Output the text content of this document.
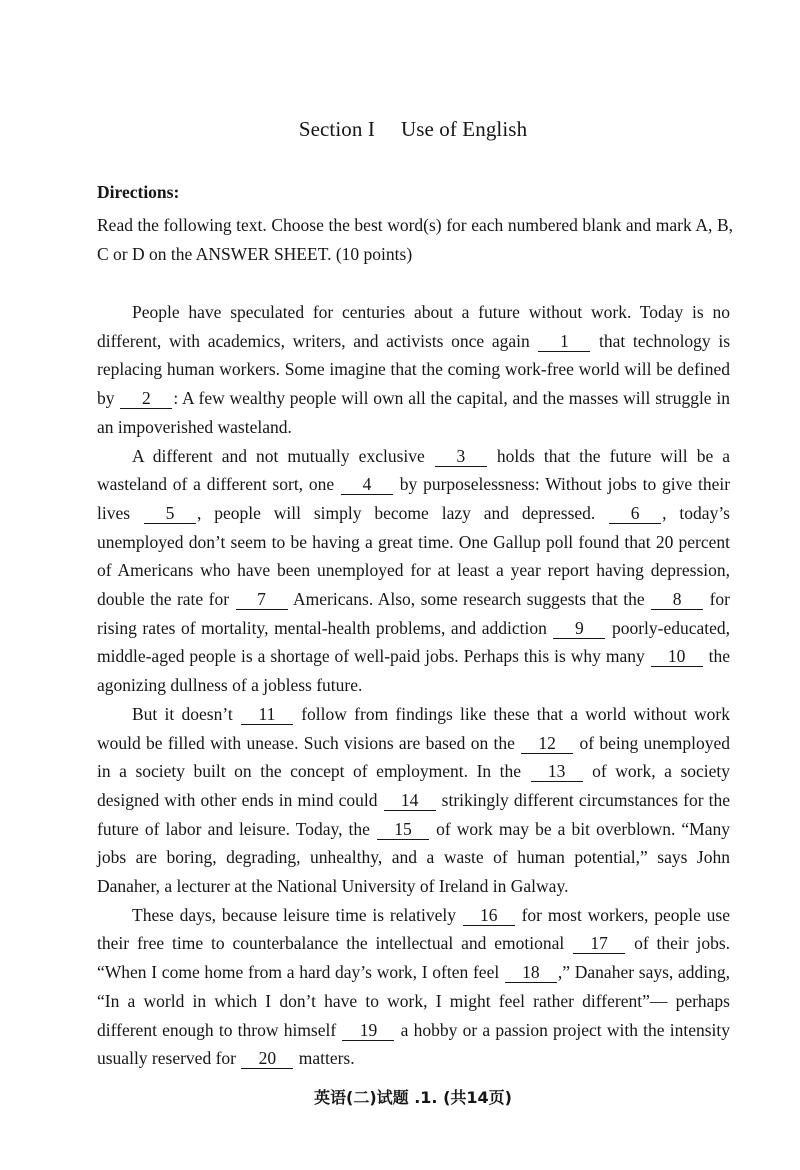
Section I Use of English
Directions:
Read the following text. Choose the best word(s) for each numbered blank and mark A, B, C or D on the ANSWER SHEET. (10 points)

People have speculated for centuries about a future without work. Today is no different, with academics, writers, and activists once again 1 that technology is replacing human workers. Some imagine that the coming work-free world will be defined by 2 : A few wealthy people will own all the capital, and the masses will struggle in an impoverished wasteland.

A different and not mutually exclusive 3 holds that the future will be a wasteland of a different sort, one 4 by purposelessness: Without jobs to give their lives 5 , people will simply become lazy and depressed. 6 , today’s unemployed don’t seem to be having a great time. One Gallup poll found that 20 percent of Americans who have been unemployed for at least a year report having depression, double the rate for 7 Americans. Also, some research suggests that the 8 for rising rates of mortality, mental-health problems, and addiction 9 poorly-educated, middle-aged people is a shortage of well-paid jobs. Perhaps this is why many 10 the agonizing dullness of a jobless future.

But it doesn’t 11 follow from findings like these that a world without work would be filled with unease. Such visions are based on the 12 of being unemployed in a society built on the concept of employment. In the 13 of work, a society designed with other ends in mind could 14 strikingly different circumstances for the future of labor and leisure. Today, the 15 of work may be a bit overblown. “Many jobs are boring, degrading, unhealthy, and a waste of human potential,” says John Danaher, a lecturer at the National University of Ireland in Galway.

These days, because leisure time is relatively 16 for most workers, people use their free time to counterbalance the intellectual and emotional 17 of their jobs. “When I come home from a hard day’s work, I often feel 18 ,” Danaher says, adding, “In a world in which I don’t have to work, I might feel rather different”— perhaps different enough to throw himself 19 a hobby or a passion project with the intensity usually reserved for 20 matters.

英语(二)试题 .1. (共14页)
